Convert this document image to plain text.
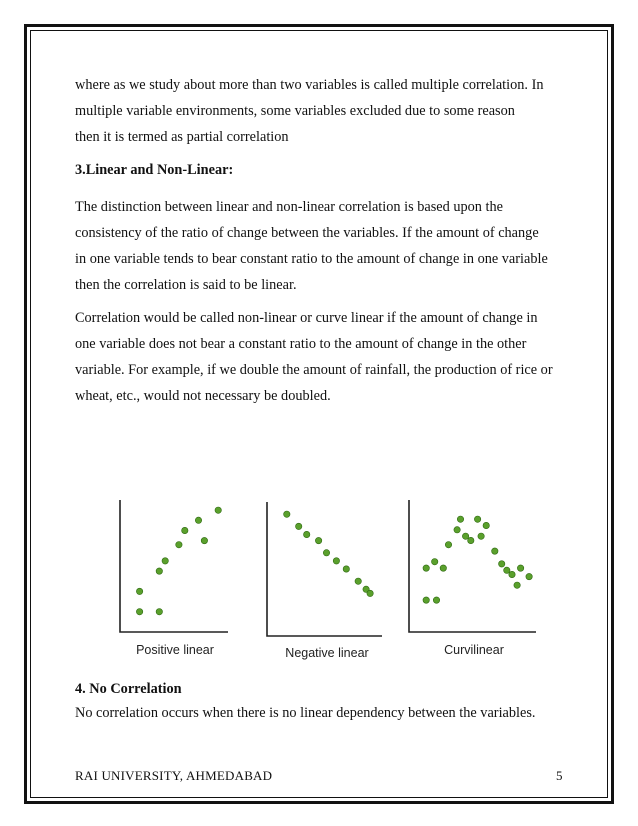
where as we study about more than two variables is called multiple correlation. In
multiple variable environments, some variables excluded due to some reason
then it is termed as partial correlation
3.Linear and Non-Linear:
The distinction between linear and non-linear correlation is based upon the
consistency of the ratio of change between the variables. If the amount of change
in one variable tends to bear constant ratio to the amount of change in one variable
then the correlation is said to be linear.
Correlation would be called non-linear or curve linear if the amount of change in
one variable does not bear a constant ratio to the amount of change in the other
variable. For example, if we double the amount of rainfall, the production of rice or
wheat, etc., would not necessary be doubled.
Positive linear	Negative linear	Curvilinear
4. No Correlation
No correlation occurs when there is no linear dependency between the variables.
RAI UNIVERSITY, AHMEDABAD	5
